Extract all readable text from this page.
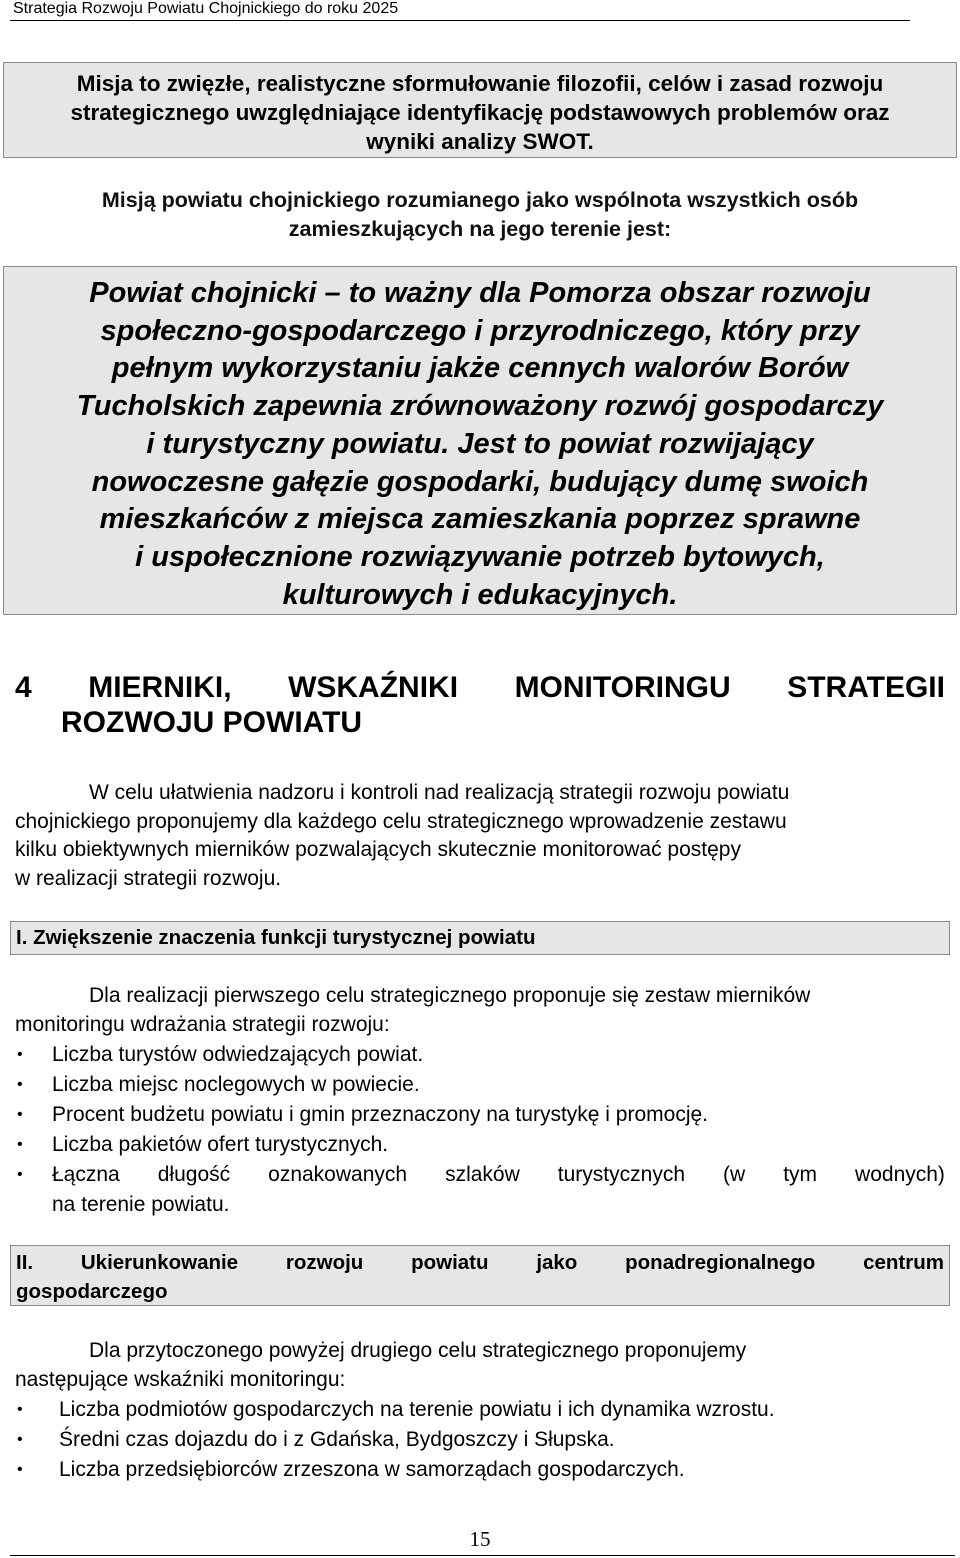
Strategia Rozwoju Powiatu Chojnickiego do roku 2025
Misja to zwięzłe, realistyczne sformułowanie filozofii, celów i zasad rozwoju
strategicznego uwzględniające identyfikację podstawowych problemów oraz
wyniki analizy SWOT.
Misją powiatu chojnickiego rozumianego jako wspólnota wszystkich osób
zamieszkujących na jego terenie jest:
Powiat chojnicki – to ważny dla Pomorza obszar rozwoju
społeczno-gospodarczego i przyrodniczego, który przy
pełnym wykorzystaniu jakże cennych walorów Borów
Tucholskich zapewnia zrównoważony rozwój gospodarczy
i turystyczny powiatu. Jest to powiat rozwijający
nowoczesne gałęzie gospodarki, budujący dumę swoich
mieszkańców z miejsca zamieszkania poprzez sprawne
i uspołecznione rozwiązywanie potrzeb bytowych,
kulturowych i edukacyjnych.
4 MIERNIKI, WSKAŹNIKI MONITORINGU STRATEGII
ROZWOJU POWIATU
W celu ułatwienia nadzoru i kontroli nad realizacją strategii rozwoju powiatu
chojnickiego proponujemy dla każdego celu strategicznego wprowadzenie zestawu
kilku obiektywnych mierników pozwalających skutecznie monitorować postępy
w realizacji strategii rozwoju.
I. Zwiększenie znaczenia funkcji turystycznej powiatu
Dla realizacji pierwszego celu strategicznego proponuje się zestaw mierników
monitoringu wdrażania strategii rozwoju:
• Liczba turystów odwiedzających powiat.
• Liczba miejsc noclegowych w powiecie.
• Procent budżetu powiatu i gmin przeznaczony na turystykę i promocję.
• Liczba pakietów ofert turystycznych.
• Łączna długość oznakowanych szlaków turystycznych (w tym wodnych)
na terenie powiatu.
II. Ukierunkowanie rozwoju powiatu jako ponadregionalnego centrum
gospodarczego
Dla przytoczonego powyżej drugiego celu strategicznego proponujemy
następujące wskaźniki monitoringu:
• Liczba podmiotów gospodarczych na terenie powiatu i ich dynamika wzrostu.
• Średni czas dojazdu do i z Gdańska, Bydgoszczy i Słupska.
• Liczba przedsiębiorców zrzeszona w samorządach gospodarczych.
15
